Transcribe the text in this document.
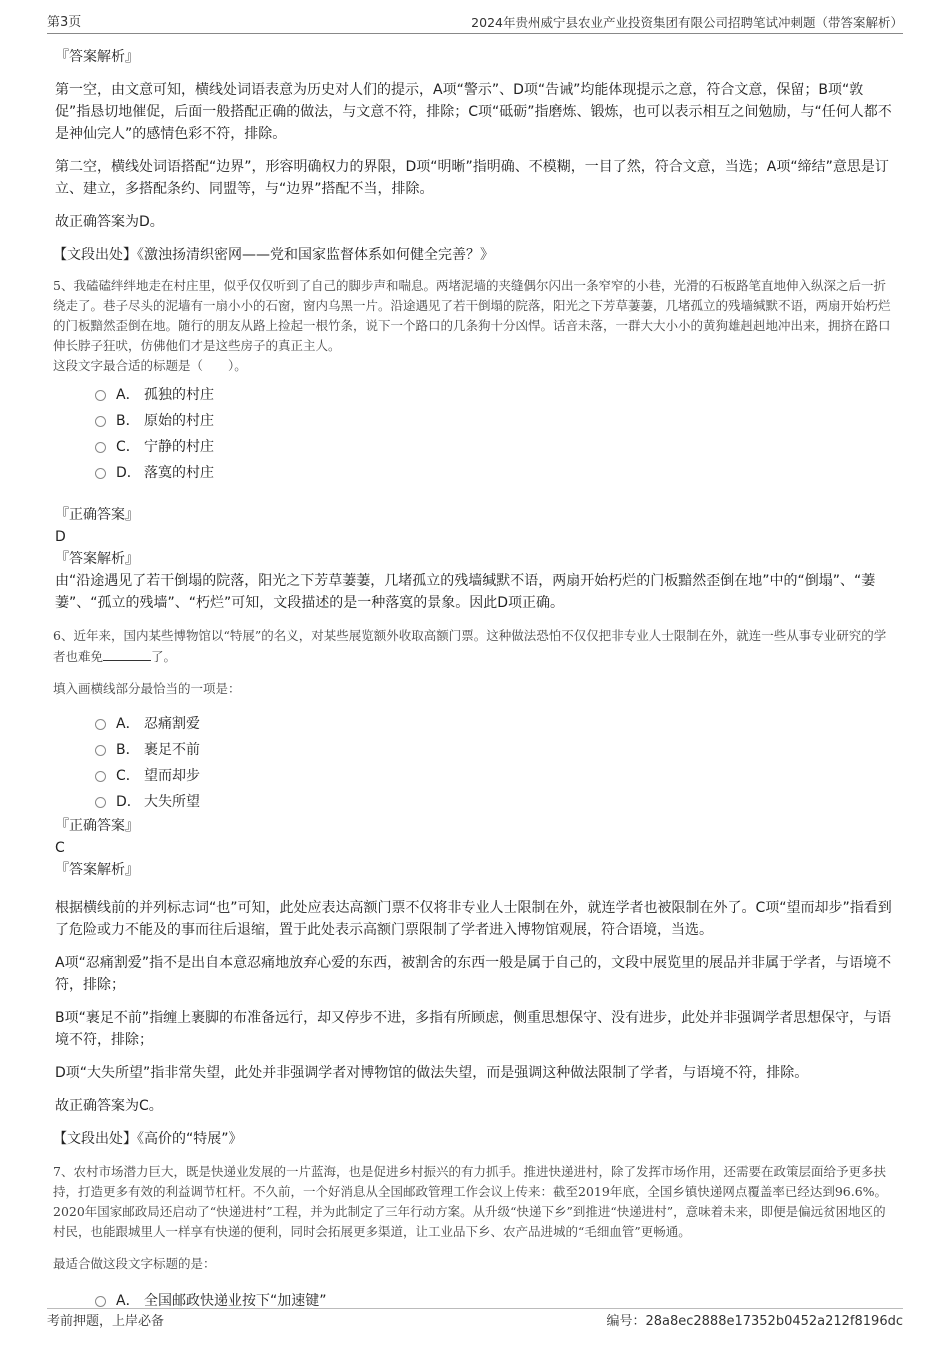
第3页	2024年贵州威宁县农业产业投资集团有限公司招聘笔试冲刺题（带答案解析）
『答案解析』
第一空，由文意可知，横线处词语表意为历史对人们的提示，A项“警示”、D项“告诫”均能体现提示之意，符合文意，保留；B项“敦促”指恳切地催促，后面一般搭配正确的做法，与文意不符，排除；C项“砥砺”指磨炼、锻炼，也可以表示相互之间勉励，与“任何人都不是神仙完人”的感情色彩不符，排除。
第二空，横线处词语搭配“边界”，形容明确权力的界限，D项“明晰”指明确、不模糊，一目了然，符合文意，当选；A项“缔结”意思是订立、建立，多搭配条约、同盟等，与“边界”搭配不当，排除。
故正确答案为D。
【文段出处】《激浊扬清织密网——党和国家监督体系如何健全完善？》
5、我磕磕绊绊地走在村庄里，似乎仅仅听到了自己的脚步声和喘息。两堵泥墙的夹缝偶尔闪出一条窄窄的小巷，光滑的石板路笔直地伸入纵深之后一折绕走了。巷子尽头的泥墙有一扇小小的石窗，窗内乌黑一片。沿途遇见了若干倒塌的院落，阳光之下芳草萋萋，几堵孤立的残墙缄默不语，两扇开始朽烂的门板黯然歪倒在地。随行的朋友从路上捡起一根竹条，说下一个路口的几条狗十分凶悍。话音未落，一群大大小小的黄狗雄赳赳地冲出来，拥挤在路口伸长脖子狂吠，仿佛他们才是这些房子的真正主人。
这段文字最合适的标题是（　　）。
A． 孤独的村庄
B． 原始的村庄
C． 宁静的村庄
D． 落寞的村庄
『正确答案』
D
『答案解析』
由“沿途遇见了若干倒塌的院落，阳光之下芳草萋萋，几堵孤立的残墙缄默不语，两扇开始朽烂的门板黯然歪倒在地”中的“倒塌”、“萋萋”、“孤立的残墙”、“朽烂”可知，文段描述的是一种落寞的景象。因此D项正确。
6、近年来，国内某些博物馆以“特展”的名义，对某些展览额外收取高额门票。这种做法恐怕不仅仅把非专业人士限制在外，就连一些从事专业研究的学者也难免	了。
填入画横线部分最恰当的一项是：
A． 忍痛割爱
B． 裹足不前
C． 望而却步
D． 大失所望
『正确答案』
C
『答案解析』
根据横线前的并列标志词“也”可知，此处应表达高额门票不仅将非专业人士限制在外，就连学者也被限制在外了。C项“望而却步”指看到了危险或力不能及的事而往后退缩，置于此处表示高额门票限制了学者进入博物馆观展，符合语境，当选。
A项“忍痛割爱”指不是出自本意忍痛地放弃心爱的东西，被割舍的东西一般是属于自己的，文段中展览里的展品并非属于学者，与语境不符，排除；
B项“裹足不前”指缠上裹脚的布准备远行，却又停步不进，多指有所顾虑，侧重思想保守、没有进步，此处并非强调学者思想保守，与语境不符，排除；
D项“大失所望”指非常失望，此处并非强调学者对博物馆的做法失望，而是强调这种做法限制了学者，与语境不符，排除。
故正确答案为C。
【文段出处】《高价的“特展”》
7、农村市场潜力巨大，既是快递业发展的一片蓝海，也是促进乡村振兴的有力抓手。推进快递进村，除了发挥市场作用，还需要在政策层面给予更多扶持，打造更多有效的利益调节杠杆。不久前，一个好消息从全国邮政管理工作会议上传来：截至2019年底，全国乡镇快递网点覆盖率已经达到96.6%。2020年国家邮政局还启动了“快递进村”工程，并为此制定了三年行动方案。从升级“快递下乡”到推进“快递进村”，意味着未来，即便是偏远贫困地区的村民，也能跟城里人一样享有快递的便利，同时会拓展更多渠道，让工业品下乡、农产品进城的“毛细血管”更畅通。
最适合做这段文字标题的是：
A． 全国邮政快递业按下“加速键”
考前押题，上岸必备	编号：28a8ec2888e17352b0452a212f8196dc
